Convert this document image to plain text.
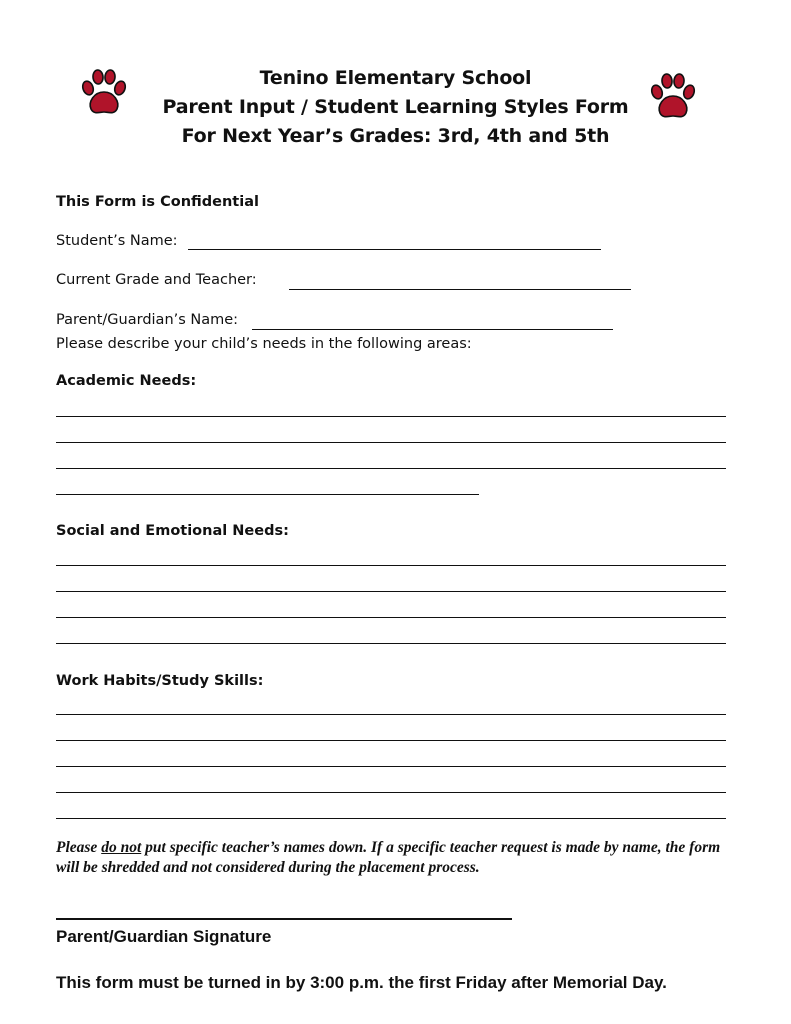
Tenino Elementary School
Parent Input / Student Learning Styles Form
For Next Year’s Grades: 3rd, 4th and 5th
This Form is Confidential
Student’s Name:
Current Grade and Teacher:
Parent/Guardian’s Name:
Please describe your child’s needs in the following areas:
Academic Needs:
Social and Emotional Needs:
Work Habits/Study Skills:
Please do not put specific teacher’s names down. If a specific teacher request is made by name, the form will be shredded and not considered during the placement process.
Parent/Guardian Signature
This form must be turned in by 3:00 p.m. the first Friday after Memorial Day.
